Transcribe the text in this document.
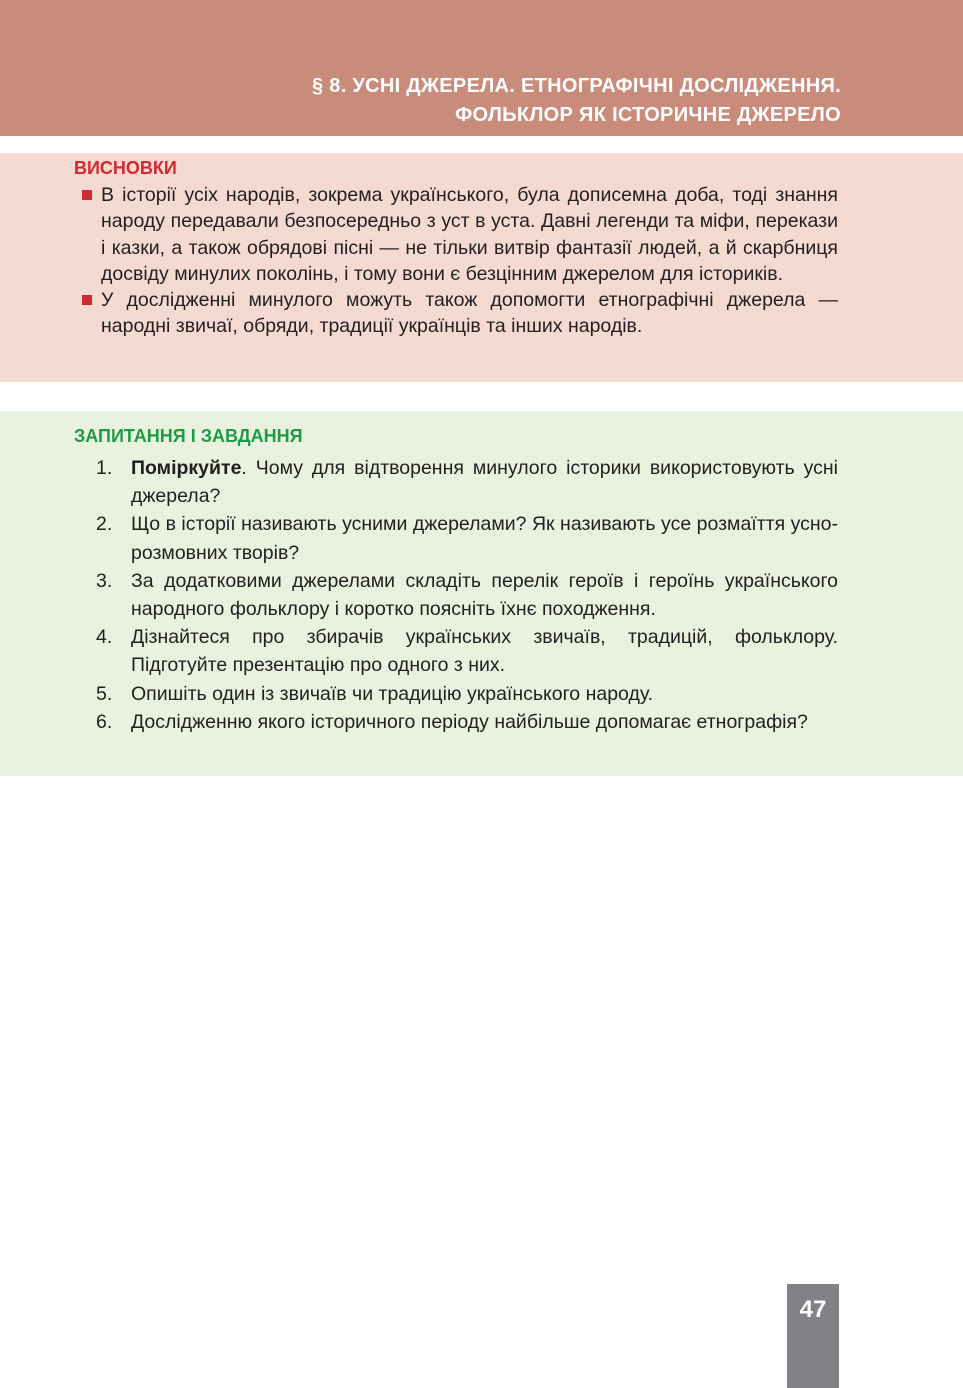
§ 8. УСНІ ДЖЕРЕЛА. ЕТНОГРАФІЧНІ ДОСЛІДЖЕННЯ.
ФОЛЬКЛОР ЯК ІСТОРИЧНЕ ДЖЕРЕЛО
ВИСНОВКИ
В історії усіх народів, зокрема українського, була дописемна доба, тоді знання народу передавали безпосередньо з уст в уста. Давні легенди та міфи, перекази і казки, а також обрядові пісні — не тільки витвір фантазії людей, а й скарбниця досвіду минулих поколінь, і тому вони є безцінним джерелом для істориків.
У дослідженні минулого можуть також допомогти етнографічні джерела — народні звичаї, обряди, традиції українців та інших народів.
ЗАПИТАННЯ І ЗАВДАННЯ
1. Поміркуйте. Чому для відтворення минулого історики використовують усні джерела?
2. Що в історії називають усними джерелами? Як називають усе розмаїття усно-розмовних творів?
3. За додатковими джерелами складіть перелік героїв і героїнь українського народного фольклору і коротко поясніть їхнє походження.
4. Дізнайтеся про збирачів українських звичаїв, традицій, фольклору. Підготуйте презентацію про одного з них.
5. Опишіть один із звичаїв чи традицію українського народу.
6. Дослідженню якого історичного періоду найбільше допомагає етнографія?
47
